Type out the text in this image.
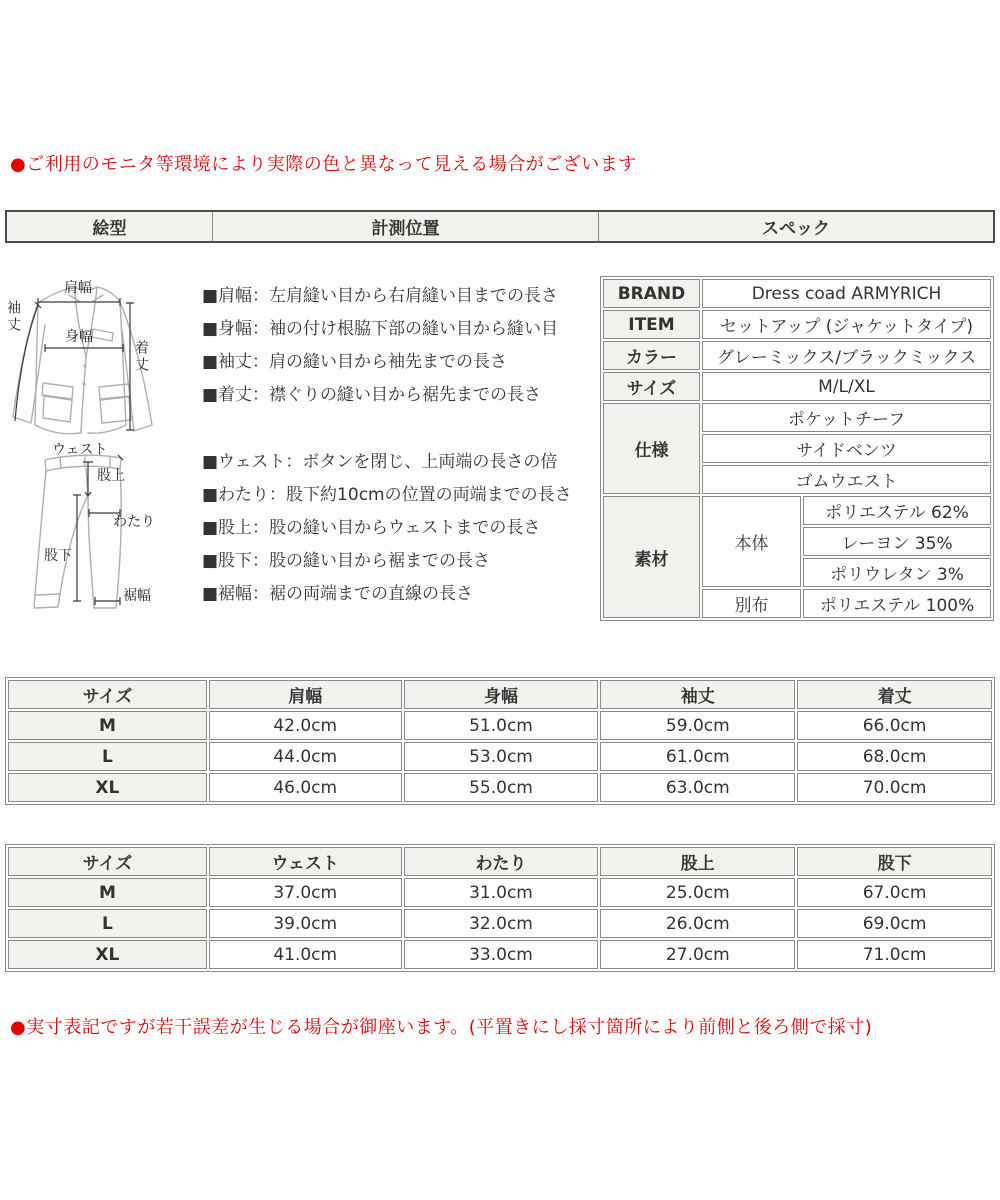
●ご利用のモニタ等環境により実際の色と異なって見える場合がございます
絵型	計測位置	スペック
肩幅
袖丈
身幅
着丈
ウェスト
股上
わたり
股下
裾幅
■肩幅：左肩縫い目から右肩縫い目までの長さ
■身幅：袖の付け根脇下部の縫い目から縫い目
■袖丈：肩の縫い目から袖先までの長さ
■着丈：襟ぐりの縫い目から裾先までの長さ
■ウェスト：ボタンを閉じ、上両端の長さの倍
■わたり：股下約10cmの位置の両端までの長さ
■股上：股の縫い目からウェストまでの長さ
■股下：股の縫い目から裾までの長さ
■裾幅：裾の両端までの直線の長さ
BRAND	Dress coad ARMYRICH	
ITEM	セットアップ (ジャケットタイプ)	
カラー	グレーミックス/ブラックミックス	
サイズ	M/L/XL	
仕様	ポケットチーフ	
	サイドベンツ	
	ゴムウエスト	
素材	本体	ポリエステル 62%
		レーヨン 35%
		ポリウレタン 3%
	別布	ポリエステル 100%
サイズ	肩幅	身幅	袖丈	着丈
M	42.0cm	51.0cm	59.0cm	66.0cm
L	44.0cm	53.0cm	61.0cm	68.0cm
XL	46.0cm	55.0cm	63.0cm	70.0cm
サイズ	ウェスト	わたり	股上	股下
M	37.0cm	31.0cm	25.0cm	67.0cm
L	39.0cm	32.0cm	26.0cm	69.0cm
XL	41.0cm	33.0cm	27.0cm	71.0cm
●実寸表記ですが若干誤差が生じる場合が御座います。(平置きにし採寸箇所により前側と後ろ側で採寸)
